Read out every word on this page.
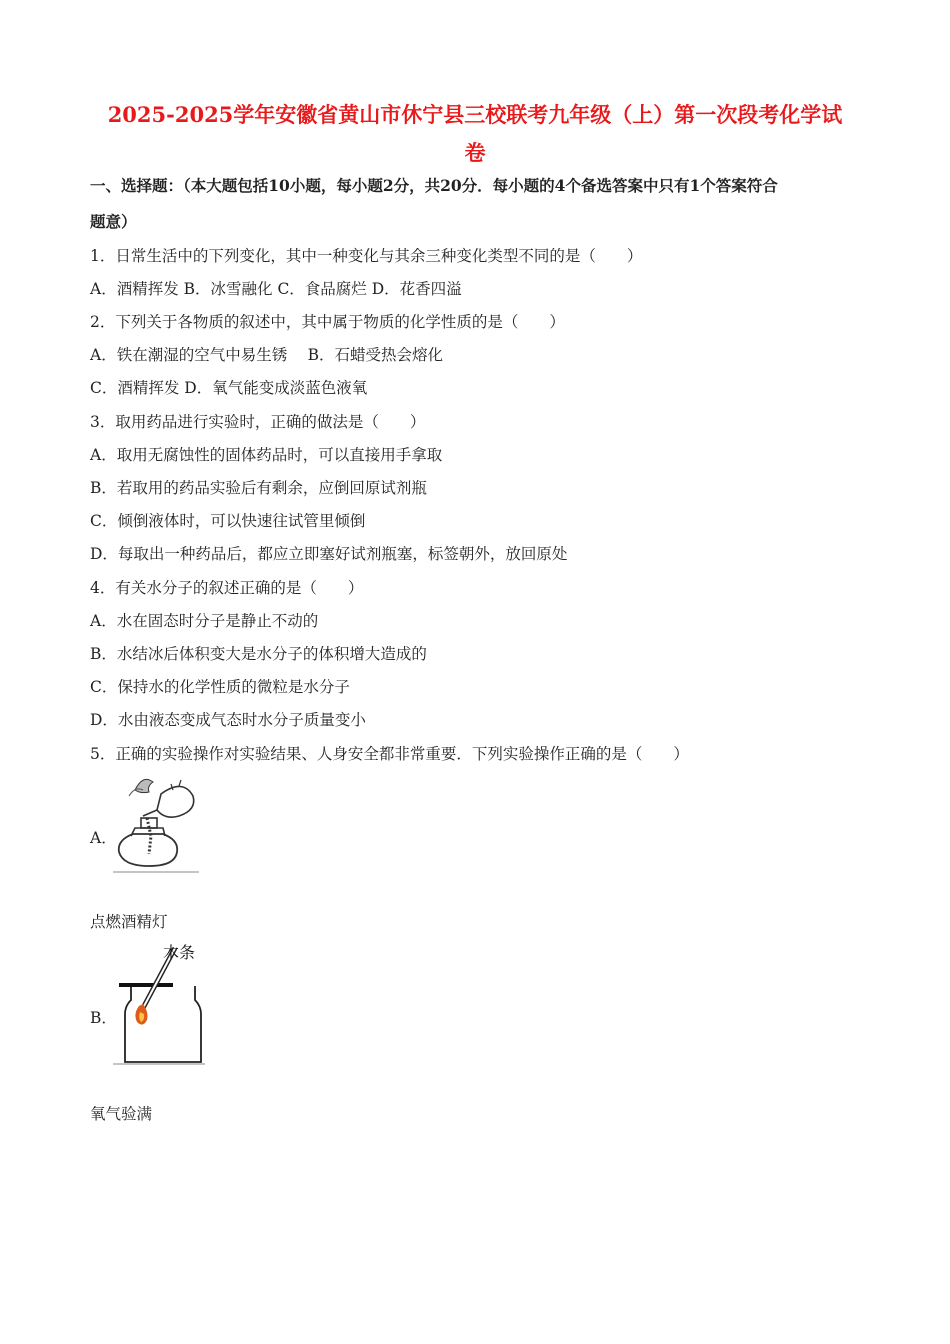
2025-2025学年安徽省黄山市休宁县三校联考九年级（上）第一次段考化学试
卷
一、选择题：（本大题包括10小题，每小题2分，共20分．每小题的4个备选答案中只有1个答案符合
题意）
1．日常生活中的下列变化，其中一种变化与其余三种变化类型不同的是（　　）
A．酒精挥发 B．冰雪融化 C．食品腐烂 D．花香四溢
2．下列关于各物质的叙述中，其中属于物质的化学性质的是（　　）
A．铁在潮湿的空气中易生锈　 B．石蜡受热会熔化
C．酒精挥发 D．氧气能变成淡蓝色液氧
3．取用药品进行实验时，正确的做法是（　　）
A．取用无腐蚀性的固体药品时，可以直接用手拿取
B．若取用的药品实验后有剩余，应倒回原试剂瓶
C．倾倒液体时，可以快速往试管里倾倒
D．每取出一种药品后，都应立即塞好试剂瓶塞，标签朝外，放回原处
4．有关水分子的叙述正确的是（　　）
A．水在固态时分子是静止不动的
B．水结冰后体积变大是水分子的体积增大造成的
C．保持水的化学性质的微粒是水分子
D．水由液态变成气态时水分子质量变小
5．正确的实验操作对实验结果、人身安全都非常重要．下列实验操作正确的是（　　）
A．
点燃酒精灯
B．
木条
氧气验满
